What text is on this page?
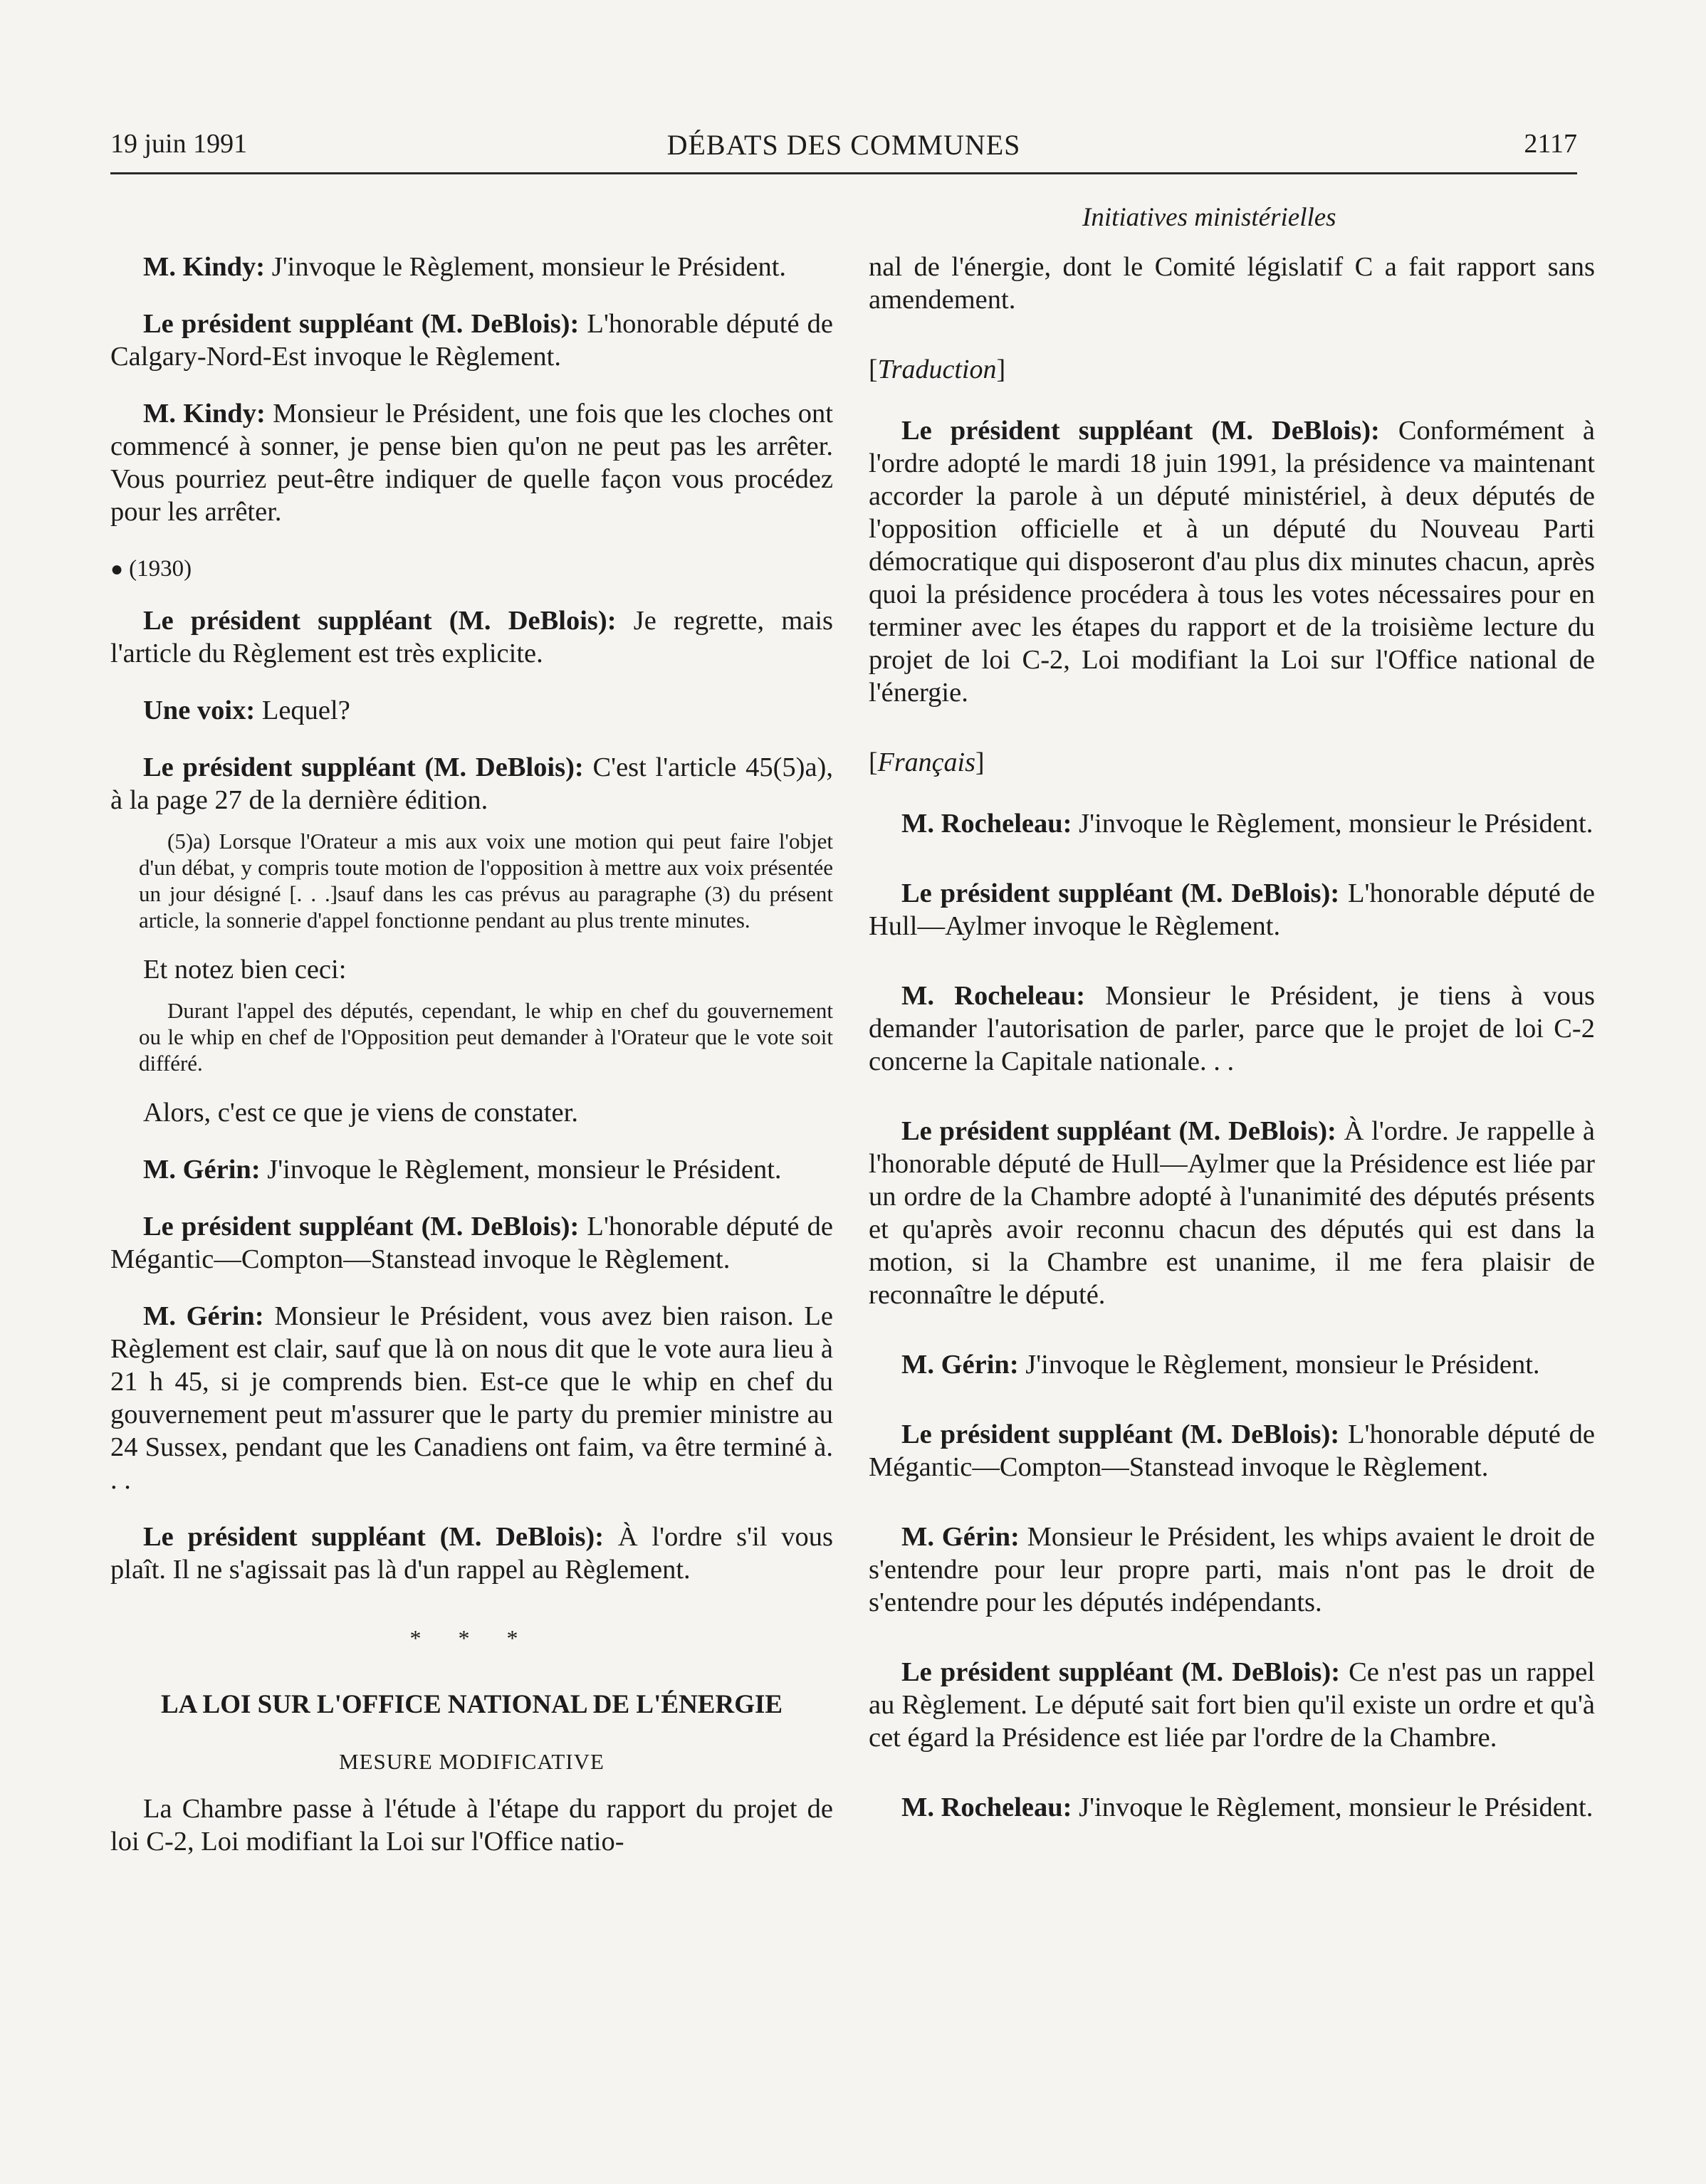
19 juin 1991	DÉBATS DES COMMUNES	2117
Initiatives ministérielles

M. Kindy: J'invoque le Règlement, monsieur le Président.

Le président suppléant (M. DeBlois): L'honorable député de Calgary-Nord-Est invoque le Règlement.

M. Kindy: Monsieur le Président, une fois que les cloches ont commencé à sonner, je pense bien qu'on ne peut pas les arrêter. Vous pourriez peut-être indiquer de quelle façon vous procédez pour les arrêter.

● (1930)

Le président suppléant (M. DeBlois): Je regrette, mais l'article du Règlement est très explicite.

Une voix: Lequel?

Le président suppléant (M. DeBlois): C'est l'article 45(5)a), à la page 27 de la dernière édition.

(5)a) Lorsque l'Orateur a mis aux voix une motion qui peut faire l'objet d'un débat, y compris toute motion de l'opposition à mettre aux voix présentée un jour désigné [. . .]sauf dans les cas prévus au paragraphe (3) du présent article, la sonnerie d'appel fonctionne pendant au plus trente minutes.

Et notez bien ceci:

Durant l'appel des députés, cependant, le whip en chef du gouvernement ou le whip en chef de l'Opposition peut demander à l'Orateur que le vote soit différé.

Alors, c'est ce que je viens de constater.

M. Gérin: J'invoque le Règlement, monsieur le Président.

Le président suppléant (M. DeBlois): L'honorable député de Mégantic—Compton—Stanstead invoque le Règlement.

M. Gérin: Monsieur le Président, vous avez bien raison. Le Règlement est clair, sauf que là on nous dit que le vote aura lieu à 21 h 45, si je comprends bien. Est-ce que le whip en chef du gouvernement peut m'assurer que le party du premier ministre au 24 Sussex, pendant que les Canadiens ont faim, va être terminé à. . .

Le président suppléant (M. DeBlois): À l'ordre s'il vous plaît. Il ne s'agissait pas là d'un rappel au Règlement.

* * *
LA LOI SUR L'OFFICE NATIONAL DE L'ÉNERGIE
MESURE MODIFICATIVE

La Chambre passe à l'étude à l'étape du rapport du projet de loi C-2, Loi modifiant la Loi sur l'Office natio-

nal de l'énergie, dont le Comité législatif C a fait rapport sans amendement.

[Traduction]

Le président suppléant (M. DeBlois): Conformément à l'ordre adopté le mardi 18 juin 1991, la présidence va maintenant accorder la parole à un député ministériel, à deux députés de l'opposition officielle et à un député du Nouveau Parti démocratique qui disposeront d'au plus dix minutes chacun, après quoi la présidence procédera à tous les votes nécessaires pour en terminer avec les étapes du rapport et de la troisième lecture du projet de loi C-2, Loi modifiant la Loi sur l'Office national de l'énergie.

[Français]

M. Rocheleau: J'invoque le Règlement, monsieur le Président.

Le président suppléant (M. DeBlois): L'honorable député de Hull—Aylmer invoque le Règlement.

M. Rocheleau: Monsieur le Président, je tiens à vous demander l'autorisation de parler, parce que le projet de loi C-2 concerne la Capitale nationale. . .

Le président suppléant (M. DeBlois): À l'ordre. Je rappelle à l'honorable député de Hull—Aylmer que la Présidence est liée par un ordre de la Chambre adopté à l'unanimité des députés présents et qu'après avoir reconnu chacun des députés qui est dans la motion, si la Chambre est unanime, il me fera plaisir de reconnaître le député.

M. Gérin: J'invoque le Règlement, monsieur le Président.

Le président suppléant (M. DeBlois): L'honorable député de Mégantic—Compton—Stanstead invoque le Règlement.

M. Gérin: Monsieur le Président, les whips avaient le droit de s'entendre pour leur propre parti, mais n'ont pas le droit de s'entendre pour les députés indépendants.

Le président suppléant (M. DeBlois): Ce n'est pas un rappel au Règlement. Le député sait fort bien qu'il existe un ordre et qu'à cet égard la Présidence est liée par l'ordre de la Chambre.

M. Rocheleau: J'invoque le Règlement, monsieur le Président.
